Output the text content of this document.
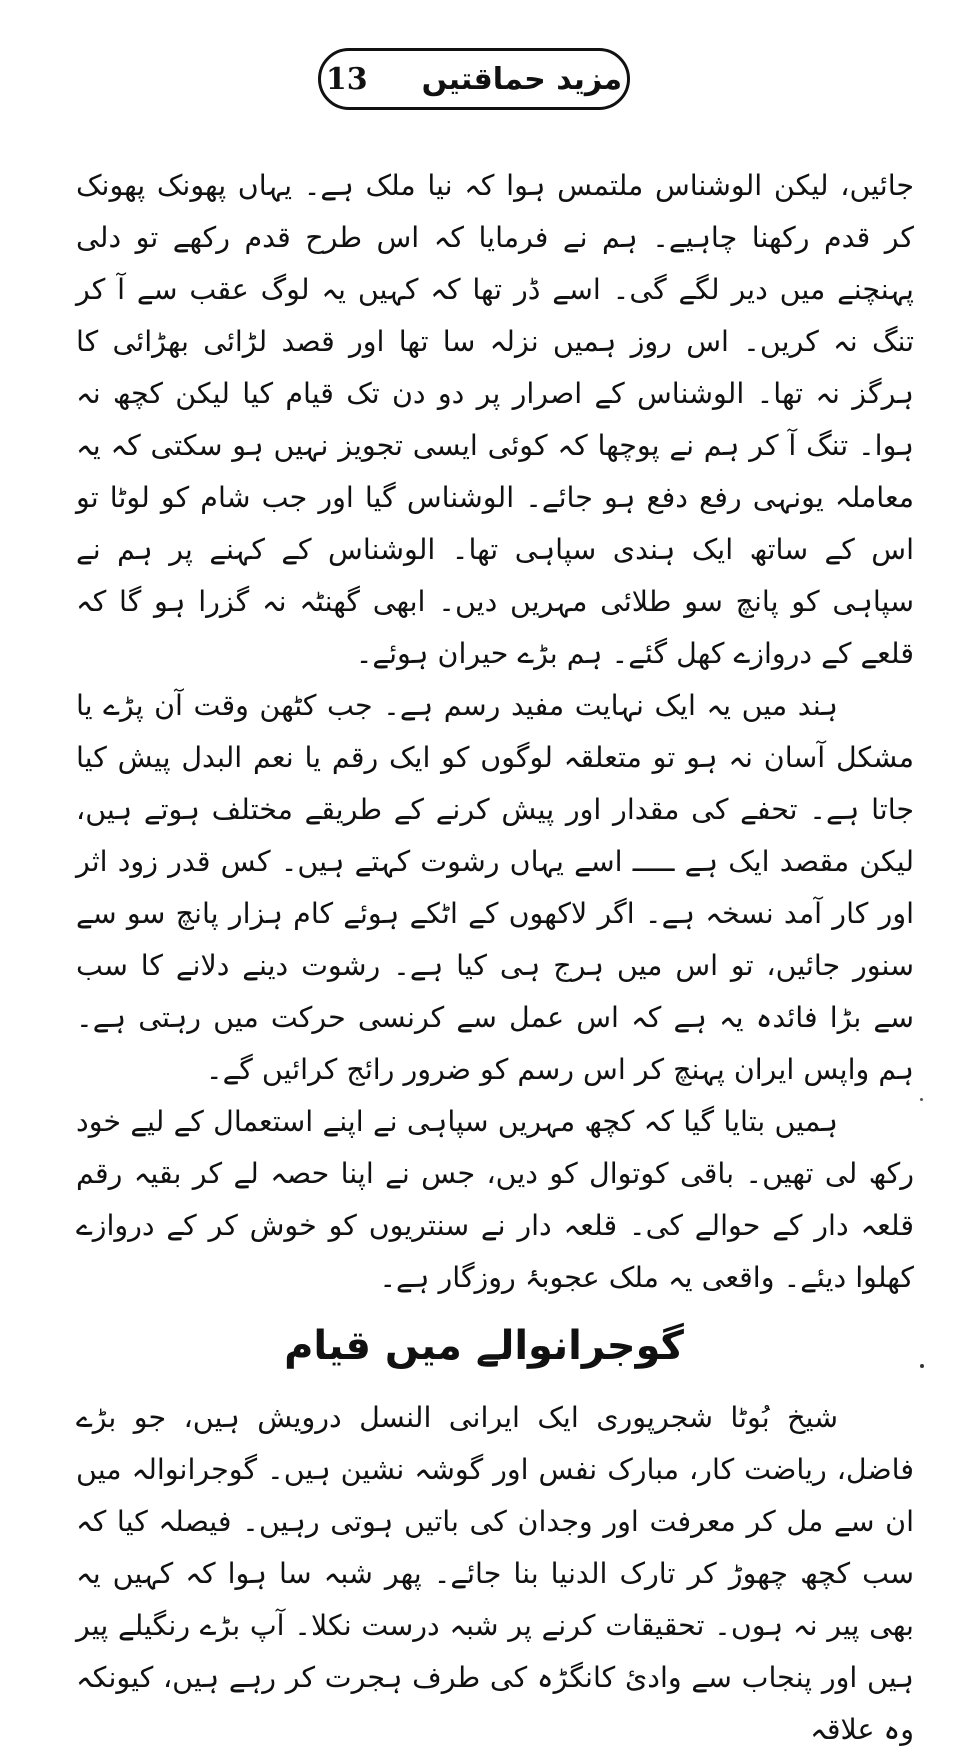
13 مزید حماقتیں

جائیں، لیکن الوشناس ملتمس ہوا کہ نیا ملک ہے۔ یہاں پھونک پھونک کر قدم رکھنا چاہیے۔ ہم نے فرمایا کہ اس طرح قدم رکھے تو دلی پہنچنے میں دیر لگے گی۔ اسے ڈر تھا کہ کہیں یہ لوگ عقب سے آ کر تنگ نہ کریں۔ اس روز ہمیں نزلہ سا تھا اور قصد لڑائی بھڑائی کا ہرگز نہ تھا۔ الوشناس کے اصرار پر دو دن تک قیام کیا لیکن کچھ نہ ہوا۔ تنگ آ کر ہم نے پوچھا کہ کوئی ایسی تجویز نہیں ہو سکتی کہ یہ معاملہ یونہی رفع دفع ہو جائے۔ الوشناس گیا اور جب شام کو لوٹا تو اس کے ساتھ ایک ہندی سپاہی تھا۔ الوشناس کے کہنے پر ہم نے سپاہی کو پانچ سو طلائی مہریں دیں۔ ابھی گھنٹہ نہ گزرا ہو گا کہ قلعے کے دروازے کھل گئے۔ ہم بڑے حیران ہوئے۔

ہند میں یہ ایک نہایت مفید رسم ہے۔ جب کٹھن وقت آن پڑے یا مشکل آسان نہ ہو تو متعلقہ لوگوں کو ایک رقم یا نعم البدل پیش کیا جاتا ہے۔ تحفے کی مقدار اور پیش کرنے کے طریقے مختلف ہوتے ہیں، لیکن مقصد ایک ہے ـــــ اسے یہاں رشوت کہتے ہیں۔ کس قدر زود اثر اور کار آمد نسخہ ہے۔ اگر لاکھوں کے اٹکے ہوئے کام ہزار پانچ سو سے سنور جائیں، تو اس میں ہرج ہی کیا ہے۔ رشوت دینے دلانے کا سب سے بڑا فائدہ یہ ہے کہ اس عمل سے کرنسی حرکت میں رہتی ہے۔ ہم واپس ایران پہنچ کر اس رسم کو ضرور رائج کرائیں گے۔

ہمیں بتایا گیا کہ کچھ مہریں سپاہی نے اپنے استعمال کے لیے خود رکھ لی تھیں۔ باقی کوتوال کو دیں، جس نے اپنا حصہ لے کر بقیہ رقم قلعہ دار کے حوالے کی۔ قلعہ دار نے سنتریوں کو خوش کر کے دروازے کھلوا دیئے۔ واقعی یہ ملک عجوبۂ روزگار ہے۔

گوجرانوالے میں قیام

شیخ بُوٹا شجرپوری ایک ایرانی النسل درویش ہیں، جو بڑے فاضل، ریاضت کار، مبارک نفس اور گوشہ نشین ہیں۔ گوجرانوالہ میں ان سے مل کر معرفت اور وجدان کی باتیں ہوتی رہیں۔ فیصلہ کیا کہ سب کچھ چھوڑ کر تارک الدنیا بنا جائے۔ پھر شبہ سا ہوا کہ کہیں یہ بھی پیر نہ ہوں۔ تحقیقات کرنے پر شبہ درست نکلا۔ آپ بڑے رنگیلے پیر ہیں اور پنجاب سے وادیٔ کانگڑہ کی طرف ہجرت کر رہے ہیں، کیونکہ وہ علاقہ
